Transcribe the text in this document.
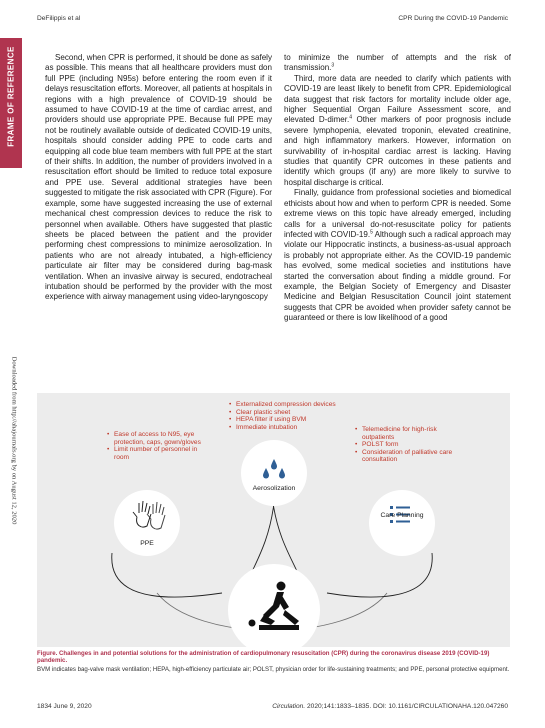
DeFilippis et al	CPR During the COVID-19 Pandemic
FRAME OF REFERENCE
Downloaded from http://ahajournals.org by on August 12, 2020

Second, when CPR is performed, it should be done as safely as possible. This means that all healthcare providers must don full PPE (including N95s) before entering the room even if it delays resuscitation efforts. Moreover, all patients at hospitals in regions with a high prevalence of COVID-19 should be assumed to have COVID-19 at the time of cardiac arrest, and providers should use appropriate PPE. Because full PPE may not be routinely available outside of dedicated COVID-19 units, hospitals should consider adding PPE to code carts and equipping all code blue team members with full PPE at the start of their shifts. In addition, the number of providers involved in a resuscitation effort should be limited to reduce total exposure and PPE use. Several additional strategies have been suggested to mitigate the risk associated with CPR (Figure). For example, some have suggested increasing the use of external mechanical chest compression devices to reduce the risk to personnel when available. Others have suggested that plastic sheets be placed between the patient and the provider performing chest compressions to minimize aerosolization. In patients who are not already intubated, a high-efficiency particulate air filter may be considered during bag-mask ventilation. When an invasive airway is secured, endotracheal intubation should be performed by the provider with the most experience with airway management using video-laryngoscopy

to minimize the number of attempts and the risk of transmission.$^3$

Third, more data are needed to clarify which patients with COVID-19 are least likely to benefit from CPR. Epidemiological data suggest that risk factors for mortality include older age, higher Sequential Organ Failure Assessment score, and elevated D-dimer.$^4$ Other markers of poor prognosis include severe lymphopenia, elevated troponin, elevated creatinine, and high inflammatory markers. However, information on survivability of in-hospital cardiac arrest is lacking. Having studies that quantify CPR outcomes in these patients and identify which groups (if any) are more likely to survive to hospital discharge is critical.

Finally, guidance from professional societies and biomedical ethicists about how and when to perform CPR is needed. Some extreme views on this topic have already emerged, including calls for a universal do-not-resuscitate policy for patients infected with COVID-19.$^5$ Although such a radical approach may violate our Hippocratic instincts, a business-as-usual approach is probably not appropriate either. As the COVID-19 pandemic has evolved, some medical societies and institutions have started the conversation about finding a middle ground. For example, the Belgian Society of Emergency and Disaster Medicine and Belgian Resuscitation Council joint statement suggests that CPR be avoided when provider safety cannot be guaranteed or there is low likelihood of a good

PPE
Aerosolization
Care Planning
• Ease of access to N95, eye protection, caps, gown/gloves
• Limit number of personnel in room
• Externalized compression devices
• Clear plastic sheet
• HEPA filter if using BVM
• Immediate intubation
•	Telemedicine for high-risk outpatients
• POLST form
• Consideration of palliative care consultation
Figure. Challenges in and potential solutions for the administration of cardiopulmonary resuscitation (CPR) during the coronavirus disease 2019 (COVID-19) pandemic.
BVM indicates bag-valve mask ventilation; HEPA, high-efficiency particulate air; POLST, physician order for life-sustaining treatments; and PPE, personal protective equipment.
1834 June 9, 2020	Circulation. 2020;141:1833–1835. DOI: 10.1161/CIRCULATIONAHA.120.047260
